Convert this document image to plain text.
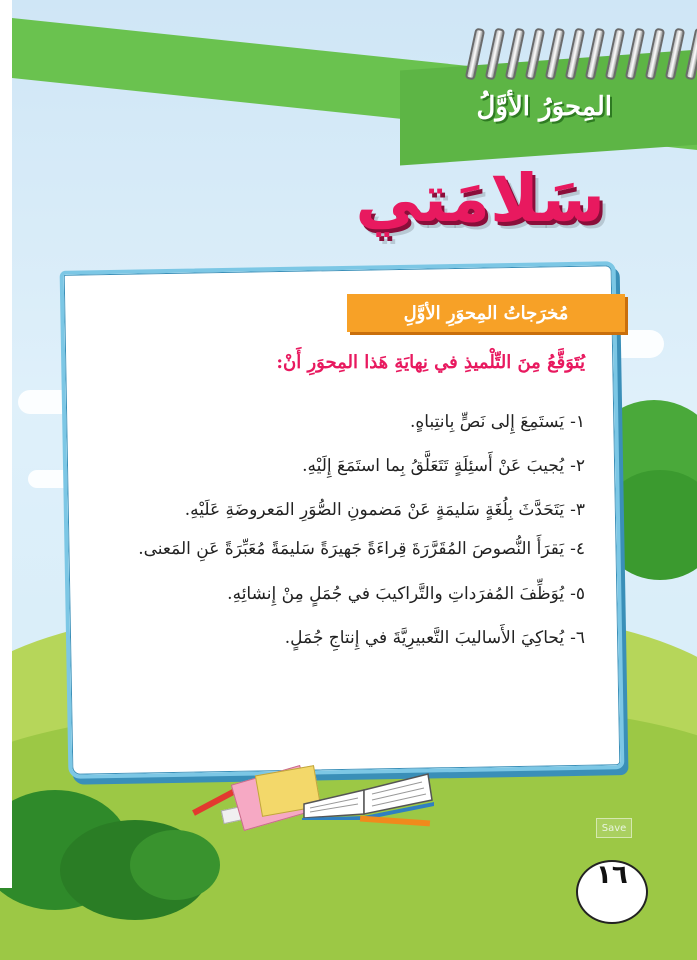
المِحوَرُ الأوَّلُ
سَلامَتي
مُخرَجاتُ المِحوَرِ الأوَّلِ
يُتَوَقَّعُ مِنَ التِّلْميذِ في نِهايَةِ هَذا المِحوَرِ أَنْ:
١-
يَستَمِعَ إِلى نَصٍّ بِانتِباهٍ.
٢-
يُجيبَ عَنْ أَسئِلَةٍ تَتَعَلَّقُ بِما استَمَعَ إِلَيْهِ.
٣-
يَتَحَدَّثَ بِلُغَةٍ سَليمَةٍ عَنْ مَضمونِ الصُّوَرِ المَعروضَةِ عَلَيْهِ.
٤-
يَقرَأَ النُّصوصَ المُقَرَّرَةَ قِراءَةً جَهيرَةً سَليمَةً مُعَبِّرَةً عَنِ المَعنى.
٥-
يُوَظِّفَ المُفرَداتِ والتَّراكيبَ في جُمَلٍ مِنْ إِنشائِهِ.
٦-
يُحاكِيَ الأَساليبَ التَّعبيرِيَّةَ في إِنتاجِ جُمَلٍ.
Save
١٦
